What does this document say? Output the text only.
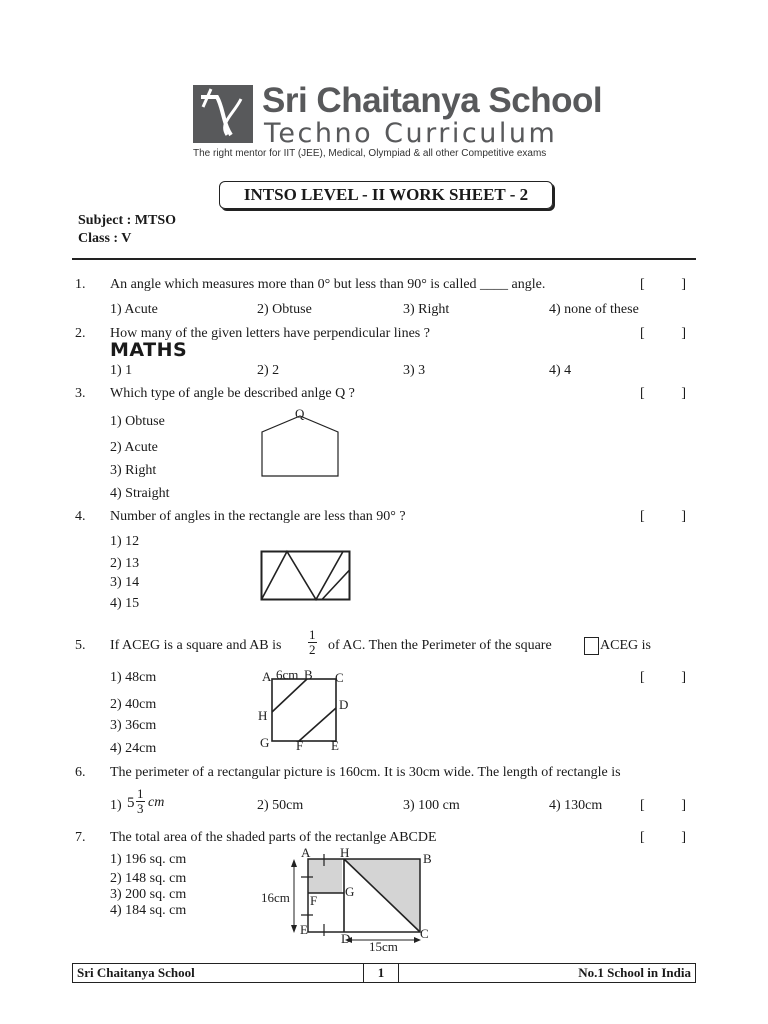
Sri Chaitanya School
Techno Curriculum
The right mentor for IIT (JEE), Medical, Olympiad & all other Competitive exams
INTSO LEVEL - II WORK SHEET - 2
Subject : MTSO
Class : V
1. An angle which measures more than 0° but less than 90° is called ____ angle.	[	]
1) Acute	2) Obtuse	3) Right	4) none of these
2. How many of the given letters have perpendicular lines ?	[	]
MATHS
1) 1	2) 2	3) 3	4) 4
3. Which type of angle be described anlge Q ?	[	]
1) Obtuse
2) Acute
3) Right
4) Straight
Q
4. Number of angles in the rectangle are less than 90° ?	[	]
1) 12
2) 13
3) 14
4) 15
5. If ACEG is a square and AB is $\frac{1}{2}$ of AC. Then the Perimeter of the square	ACEG is
[	]
1) 48cm
2) 40cm
3) 36cm
4) 24cm
A 6cm B C
D
H
G F E
6. The perimeter of a rectangular picture is 160cm. It is 30cm wide. The length of rectangle is
1) $5 \frac{1}{3}$ cm	2) 50cm	3) 100 cm	4) 130cm	[	]
7. The total area of the shaded parts of the rectanlge ABCDE	[	]
1) 196 sq. cm
2) 148 sq. cm
3) 200 sq. cm
4) 184 sq. cm
A H	B
G
F
E
D	C
16cm
15cm
Sri Chaitanya School	1	No.1 School in India
